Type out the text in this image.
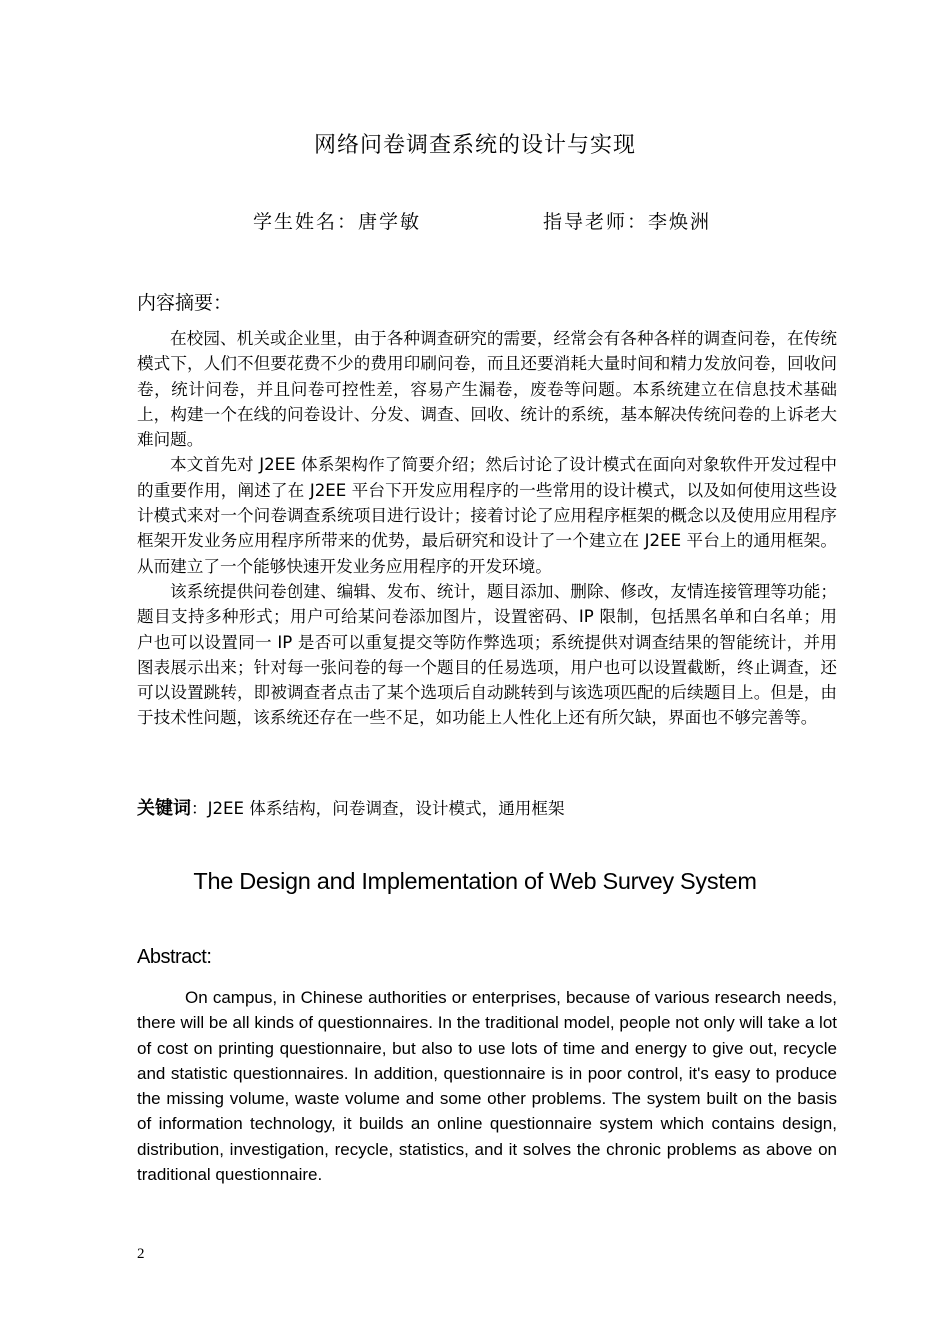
网络问卷调查系统的设计与实现
学生姓名：唐学敏	指导老师：李焕洲
内容摘要：

在校园、机关或企业里，由于各种调查研究的需要，经常会有各种各样的调查问卷，在传统模式下，人们不但要花费不少的费用印刷问卷，而且还要消耗大量时间和精力发放问卷，回收问卷，统计问卷，并且问卷可控性差，容易产生漏卷，废卷等问题。本系统建立在信息技术基础上，构建一个在线的问卷设计、分发、调查、回收、统计的系统，基本解决传统问卷的上诉老大难问题。

本文首先对 J2EE 体系架构作了简要介绍；然后讨论了设计模式在面向对象软件开发过程中的重要作用，阐述了在 J2EE 平台下开发应用程序的一些常用的设计模式，以及如何使用这些设计模式来对一个问卷调查系统项目进行设计；接着讨论了应用程序框架的概念以及使用应用程序框架开发业务应用程序所带来的优势，最后研究和设计了一个建立在 J2EE 平台上的通用框架。从而建立了一个能够快速开发业务应用程序的开发环境。

该系统提供问卷创建、编辑、发布、统计，题目添加、删除、修改，友情连接管理等功能；题目支持多种形式；用户可给某问卷添加图片，设置密码、IP 限制，包括黑名单和白名单；用户也可以设置同一 IP 是否可以重复提交等防作弊选项；系统提供对调查结果的智能统计，并用图表展示出来；针对每一张问卷的每一个题目的任易选项，用户也可以设置截断，终止调查，还可以设置跳转，即被调查者点击了某个选项后自动跳转到与该选项匹配的后续题目上。但是，由于技术性问题，该系统还存在一些不足，如功能上人性化上还有所欠缺，界面也不够完善等。

关键词：J2EE 体系结构，问卷调查，设计模式，通用框架
The Design and Implementation of Web Survey System
Abstract:

On campus, in Chinese authorities or enterprises, because of various research needs, there will be all kinds of questionnaires. In the traditional model, people not only will take a lot of cost on printing questionnaire, but also to use lots of time and energy to give out, recycle and statistic questionnaires. In addition, questionnaire is in poor control, it's easy to produce the missing volume, waste volume and some other problems. The system built on the basis of information technology, it builds an online questionnaire system which contains design, distribution, investigation, recycle, statistics, and it solves the chronic problems as above on traditional questionnaire.

2
